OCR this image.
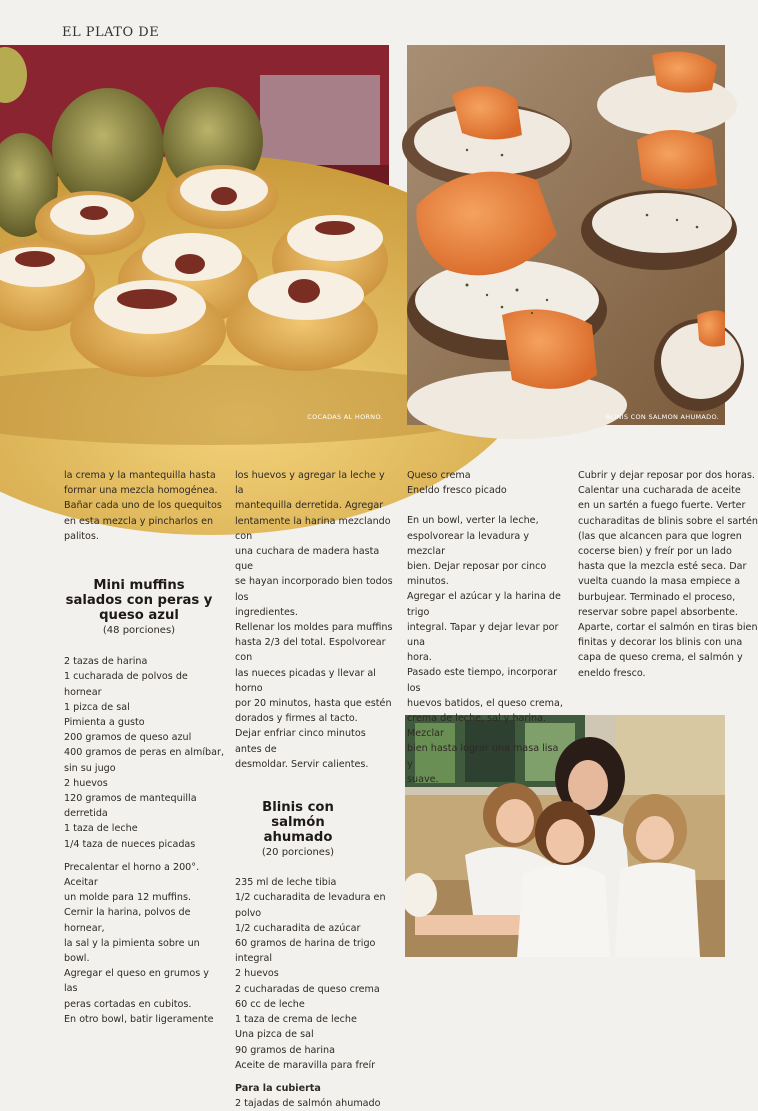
EL PLATO DE
COCADAS AL HORNO.	BLINIS CON SALMON AHUMADO.

la crema y la mantequilla hasta

formar una mezcla homogénea.

Bañar cada uno de los quequitos

en esta mezcla y pincharlos en

palitos.

Mini muffins salados con peras y queso azul
(48 porciones)

2 tazas de harina

1 cucharada de polvos de hornear

1 pizca de sal

Pimienta a gusto

200 gramos de queso azul

400 gramos de peras en almíbar,

sin su jugo

2 huevos

120 gramos de mantequilla

derretida

1 taza de leche

1/4 taza de nueces picadas

Precalentar el horno a 200°. Aceitar

un molde para 12 muffins.

Cernir la harina, polvos de hornear,

la sal y la pimienta sobre un bowl.

Agregar el queso en grumos y las

peras cortadas en cubitos.

En otro bowl, batir ligeramente

los huevos y agregar la leche y la

mantequilla derretida. Agregar

lentamente la harina mezclando con

una cuchara de madera hasta que

se hayan incorporado bien todos los

ingredientes.

Rellenar los moldes para muffins

hasta 2/3 del total. Espolvorear con

las nueces picadas y llevar al horno

por 20 minutos, hasta que estén

dorados y firmes al tacto.

Dejar enfriar cinco minutos antes de

desmoldar. Servir calientes.

Blinis con salmón ahumado
(20 porciones)

235 ml de leche tibia

1/2 cucharadita de levadura en polvo

1/2 cucharadita de azúcar

60 gramos de harina de trigo integral

2 huevos

2 cucharadas de queso crema

60 cc de leche

1 taza de crema de leche

Una pizca de sal

90 gramos de harina

Aceite de maravilla para freír

Para la cubierta

2 tajadas de salmón ahumado

Queso crema

Eneldo fresco picado

En un bowl, verter la leche,

espolvorear la levadura y mezclar

bien. Dejar reposar por cinco

minutos.

Agregar el azúcar y la harina de trigo

integral. Tapar y dejar levar por una

hora.

Pasado este tiempo, incorporar los

huevos batidos, el queso crema,

crema de leche, sal y harina. Mezclar

bien hasta lograr una masa lisa y

suave.

Cubrir y dejar reposar por dos horas.

Calentar una cucharada de aceite

en un sartén a fuego fuerte. Verter

cucharaditas de blinis sobre el sartén

(las que alcancen para que logren

cocerse bien) y freír por un lado

hasta que la mezcla esté seca. Dar

vuelta cuando la masa empiece a

burbujear. Terminado el proceso,

reservar sobre papel absorbente.

Aparte, cortar el salmón en tiras bien

finitas y decorar los blinis con una

capa de queso crema, el salmón y

eneldo fresco.
